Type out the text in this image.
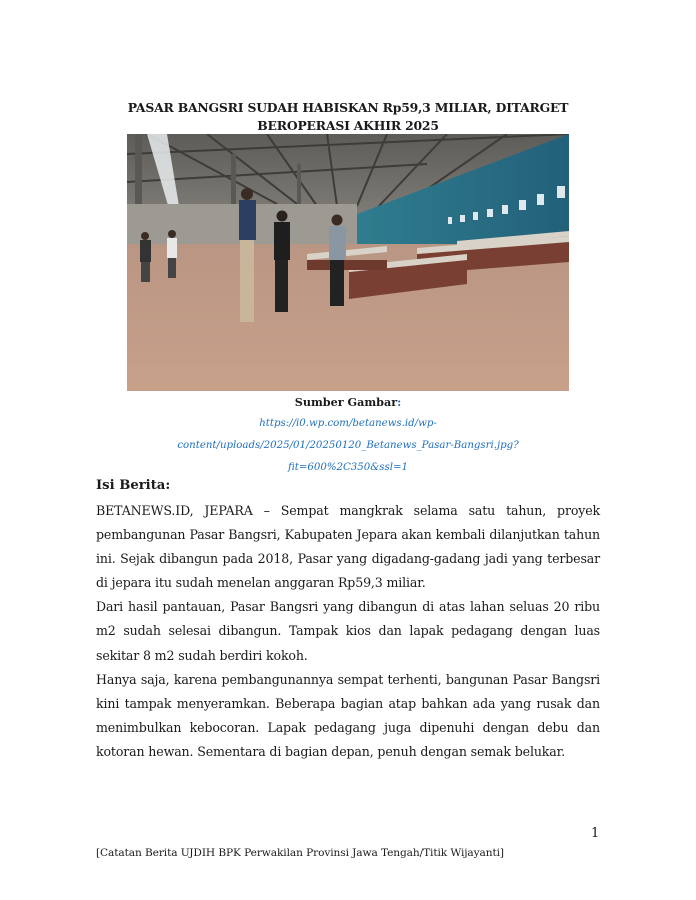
PASAR BANGSRI SUDAH HABISKAN Rp59,3 MILIAR, DITARGET
BEROPERASI AKHIR 2025
Sumber Gambar:
https://i0.wp.com/betanews.id/wp-content/uploads/2025/01/20250120_Betanews_Pasar-Bangsri.jpg?fit=600%2C350&ssl=1
Isi Berita:

BETANEWS.ID, JEPARA – Sempat mangkrak selama satu tahun, proyek pembangunan Pasar Bangsri, Kabupaten Jepara akan kembali dilanjutkan tahun ini. Sejak dibangun pada 2018, Pasar yang digadang-gadang jadi yang terbesar di jepara itu sudah menelan anggaran Rp59,3 miliar.

Dari hasil pantauan, Pasar Bangsri yang dibangun di atas lahan seluas 20 ribu m2 sudah selesai dibangun. Tampak kios dan lapak pedagang dengan luas sekitar 8 m2 sudah berdiri kokoh.

Hanya saja, karena pembangunannya sempat terhenti, bangunan Pasar Bangsri kini tampak menyeramkan. Beberapa bagian atap bahkan ada yang rusak dan menimbulkan kebocoran. Lapak pedagang juga dipenuhi dengan debu dan kotoran hewan. Sementara di bagian depan, penuh dengan semak belukar.

1
[Catatan Berita UJDIH BPK Perwakilan Provinsi Jawa Tengah/Titik Wijayanti]
